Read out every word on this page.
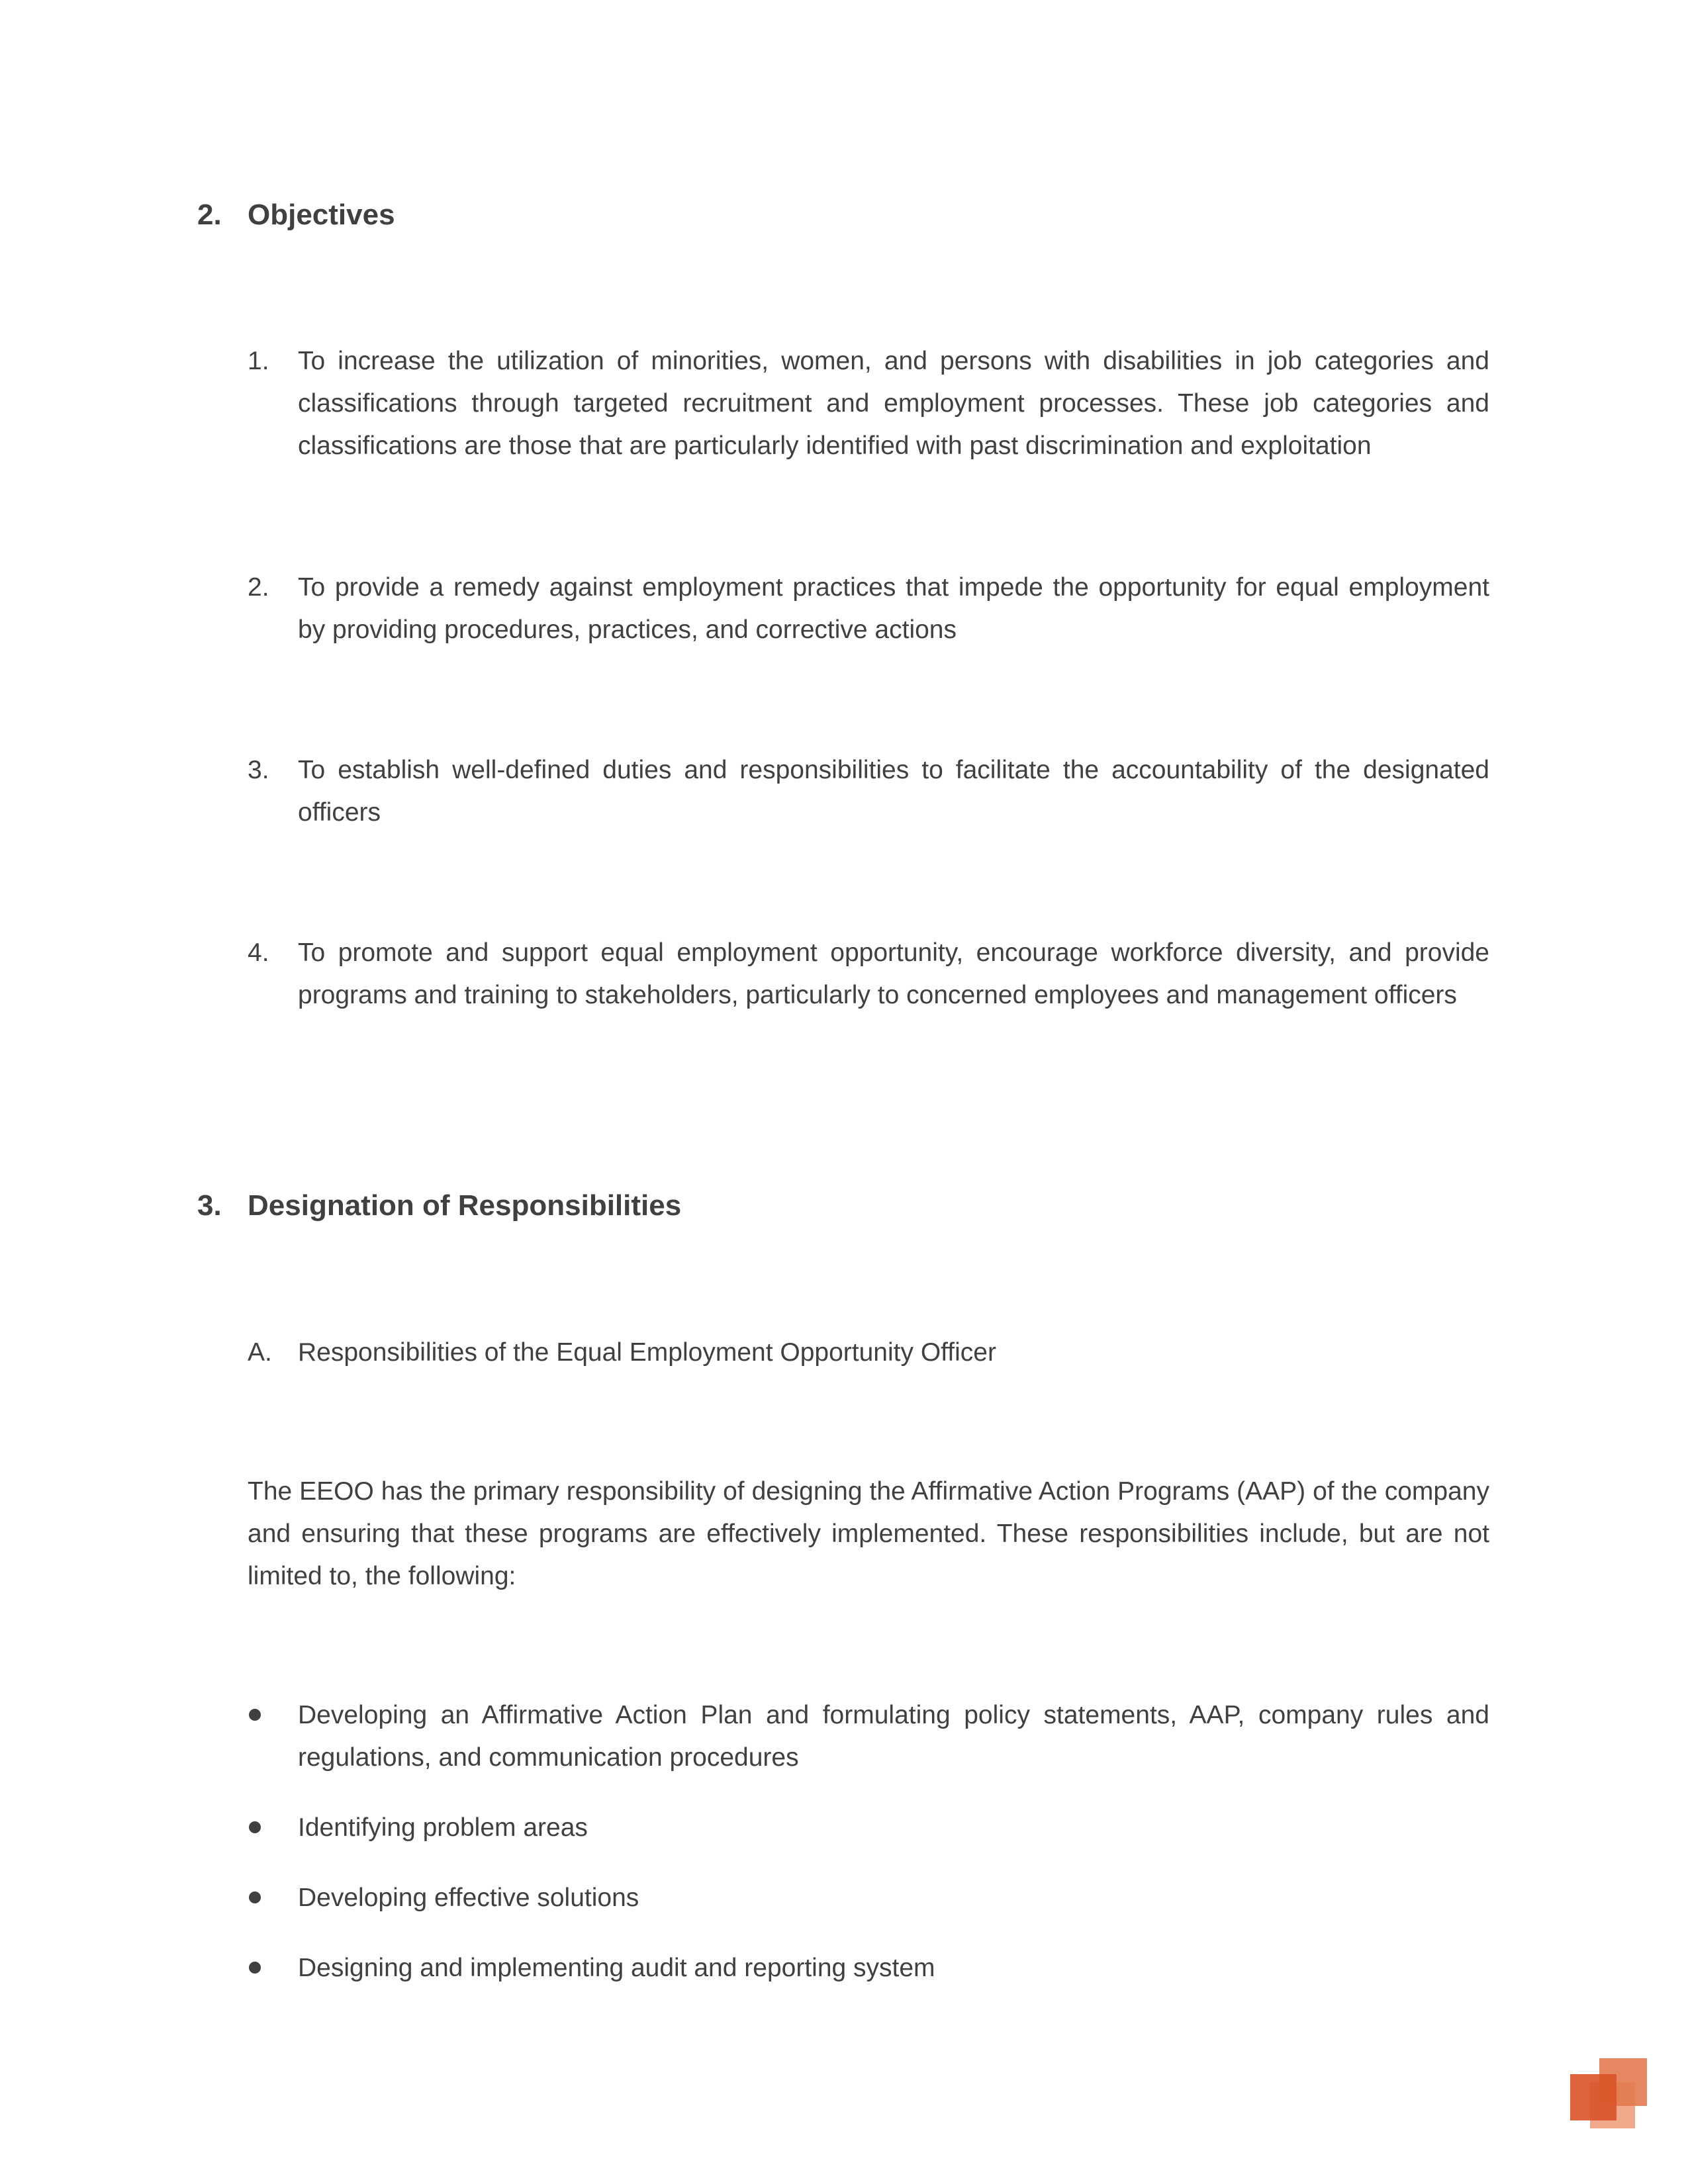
2. Objectives
1.	To increase the utilization of minorities, women, and persons with disabilities in job categories and classifications through targeted recruitment and employment processes. These job categories and classifications are those that are particularly identified with past discrimination and exploitation
2.	To provide a remedy against employment practices that impede the opportunity for equal employment by providing procedures, practices, and corrective actions
3.	To establish well-defined duties and responsibilities to facilitate the accountability of the designated officers
4.	To promote and support equal employment opportunity, encourage workforce diversity, and provide programs and training to stakeholders, particularly to concerned employees and management officers
3. Designation of Responsibilities
A.	Responsibilities of the Equal Employment Opportunity Officer
The EEOO has the primary responsibility of designing the Affirmative Action Programs (AAP) of the company and ensuring that these programs are effectively implemented. These responsibilities include, but are not limited to, the following:
Developing an Affirmative Action Plan and formulating policy statements, AAP, company rules and regulations, and communication procedures
Identifying problem areas
Developing effective solutions
Designing and implementing audit and reporting system
